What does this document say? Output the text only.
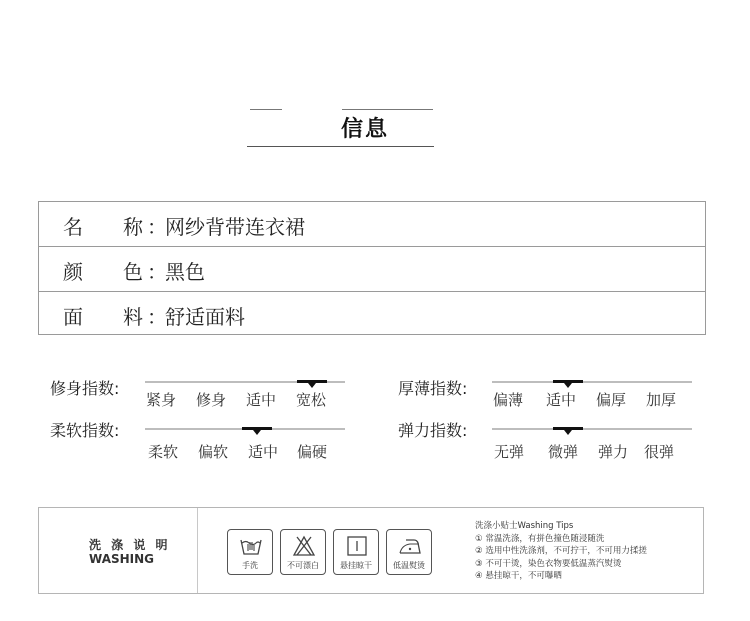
信息
名 称 ：
网纱背带连衣裙
颜 色 ：
黑色
面 料 ：
舒适面料
修身指数:
紧身 修身 适中 宽松
厚薄指数:
偏薄 适中 偏厚 加厚
柔软指数:
柔软 偏软 适中 偏硬
弹力指数:
无弹 微弹 弹力 很弹
洗 涤 说 明
WASHING	手洗	不可漂白	悬挂晾干	低温熨烫
洗涤小贴士Washing Tips
① 常温洗涤，有拼色撞色随浸随洗
② 选用中性洗涤剂，不可拧干，不可用力揉搓
③ 不可干烫，染色衣物要低温蒸汽熨烫
④ 悬挂晾干，不可曝晒
